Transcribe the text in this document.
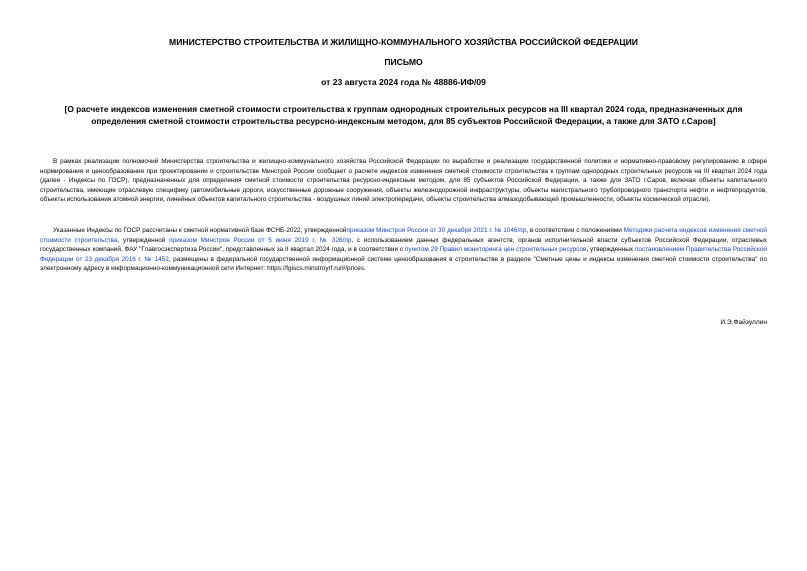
МИНИСТЕРСТВО СТРОИТЕЛЬСТВА И ЖИЛИЩНО-КОММУНАЛЬНОГО ХОЗЯЙСТВА РОССИЙСКОЙ ФЕДЕРАЦИИ

ПИСЬМО

от 23 августа 2024 года № 48886-ИФ/09

[О расчете индексов изменения сметной стоимости строительства к группам однородных строительных ресурсов на III квартал 2024 года, предназначенных для определения сметной стоимости строительства ресурсно-индексным методом, для 85 субъектов Российской Федерации, а также для ЗАТО г.Саров]

В рамках реализации полномочий Министерства строительства и жилищно-коммунального хозяйства Российской Федерации по выработке и реализации государственной политики и нормативно-правовому регулированию в сфере нормирования и ценообразования при проектировании и строительстве Минстрой России сообщает о расчете индексов изменения сметной стоимости строительства к группам однородных строительных ресурсов на III квартал 2024 года (далее - Индексы по ГОСР), предназначенных для определения сметной стоимости строительства ресурсно-индексным методом, для 85 субъектов Российской Федерации, а также для ЗАТО г.Саров, включая объекты капитального строительства, имеющие отраслевую специфику (автомобильные дороги, искусственные дорожные сооружения, объекты железнодорожной инфраструктуры, объекты магистрального трубопроводного транспорта нефти и нефтепродуктов, объекты использования атомной энергии, линейных объектов капитального строительства - воздушных линий электропередачи, объекты строительства алмазодобывающей промышленности, объекты космической отрасли).

Указанные Индексы по ГОСР рассчитаны к сметной нормативной базе ФСНБ-2022, утвержденнойприказом Минстроя России от 30 декабря 2021 г. № 1046/пр, в соответствии с положениями Методики расчета индексов изменения сметной стоимости строительства, утвержденной приказом Минстроя России от 5 июня 2019 г. № 326/пр, с использованием данных федеральных агентств, органов исполнительной власти субъектов Российской Федерации, отраслевых государственных компаний, ФАУ "Главгосэкспертиза России", представленных за II квартал 2024 года, и в соответствии с пунктом 29 Правил мониторинга цен строительных ресурсов, утвержденных постановлением Правительства Российской Федерации от 23 декабря 2016 г. № 1452, размещены в федеральной государственной информационной системе ценообразования в строительстве в разделе "Сметные цены и индексы изменения сметной стоимости строительства" по электронному адресу в информационно-коммуникационной сети Интернет: https://fgiscs.minstroyrf.ru/#/prices.

И.Э.Файзуллин
